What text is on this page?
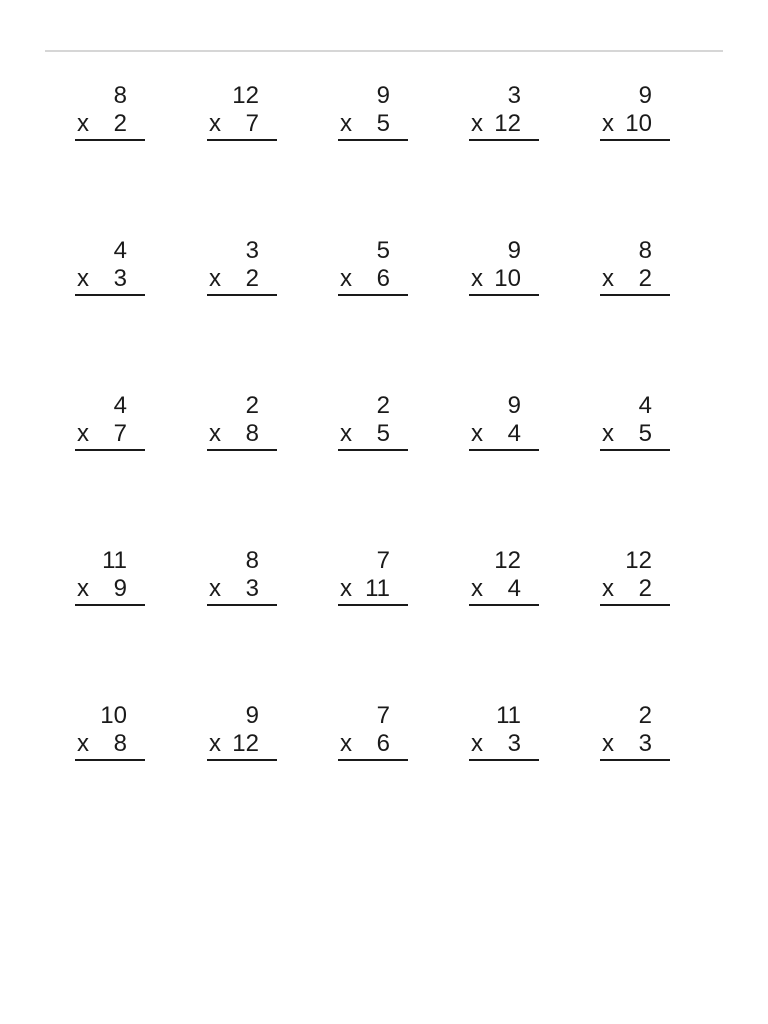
8
x 2
12
x 7
9
x 5
3
x 12
9
x 10
4
x 3
3
x 2
5
x 6
9
x 10
8
x 2
4
x 7
2
x 8
2
x 5
9
x 4
4
x 5
11
x 9
8
x 3
7
x 11
12
x 4
12
x 2
10
x 8
9
x 12
7
x 6
11
x 3
2
x 3
